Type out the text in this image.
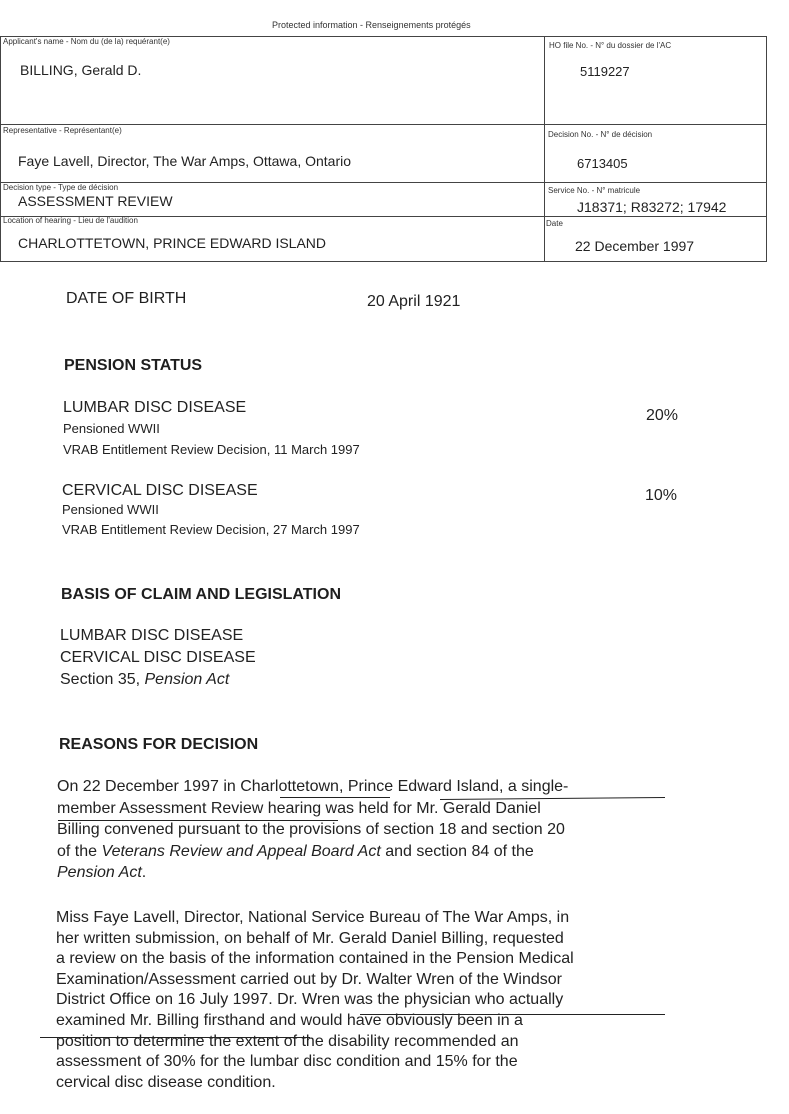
Protected information - Renseignements protégés
Applicant's name - Nom du (de la) requérant(e)
BILLING, Gerald D.
HO file No. - N° du dossier de l'AC
5119227
Representative - Représentant(e)
Faye Lavell, Director, The War Amps, Ottawa, Ontario
Decision No. - N° de décision
6713405
Decision type - Type de décision
ASSESSMENT REVIEW
Service No. - N° matricule
J18371; R83272; 17942
Location of hearing - Lieu de l'audition
CHARLOTTETOWN, PRINCE EDWARD ISLAND
Date
22 December 1997
DATE OF BIRTH	20 April 1921
PENSION STATUS
LUMBAR DISC DISEASE
Pensioned WWII
VRAB Entitlement Review Decision, 11 March 1997
20%
CERVICAL DISC DISEASE
Pensioned WWII
VRAB Entitlement Review Decision, 27 March 1997
10%
BASIS OF CLAIM AND LEGISLATION
LUMBAR DISC DISEASE
CERVICAL DISC DISEASE
Section 35, Pension Act
REASONS FOR DECISION
On 22 December 1997 in Charlottetown, Prince Edward Island, a single-
member Assessment Review hearing was held for Mr. Gerald Daniel
Billing convened pursuant to the provisions of section 18 and section 20
of the Veterans Review and Appeal Board Act and section 84 of the
Pension Act.
Miss Faye Lavell, Director, National Service Bureau of The War Amps, in
her written submission, on behalf of Mr. Gerald Daniel Billing, requested
a review on the basis of the information contained in the Pension Medical
Examination/Assessment carried out by Dr. Walter Wren of the Windsor
District Office on 16 July 1997. Dr. Wren was the physician who actually
examined Mr. Billing firsthand and would have obviously been in a
position to determine the extent of the disability recommended an
assessment of 30% for the lumbar disc condition and 15% for the
cervical disc disease condition.
